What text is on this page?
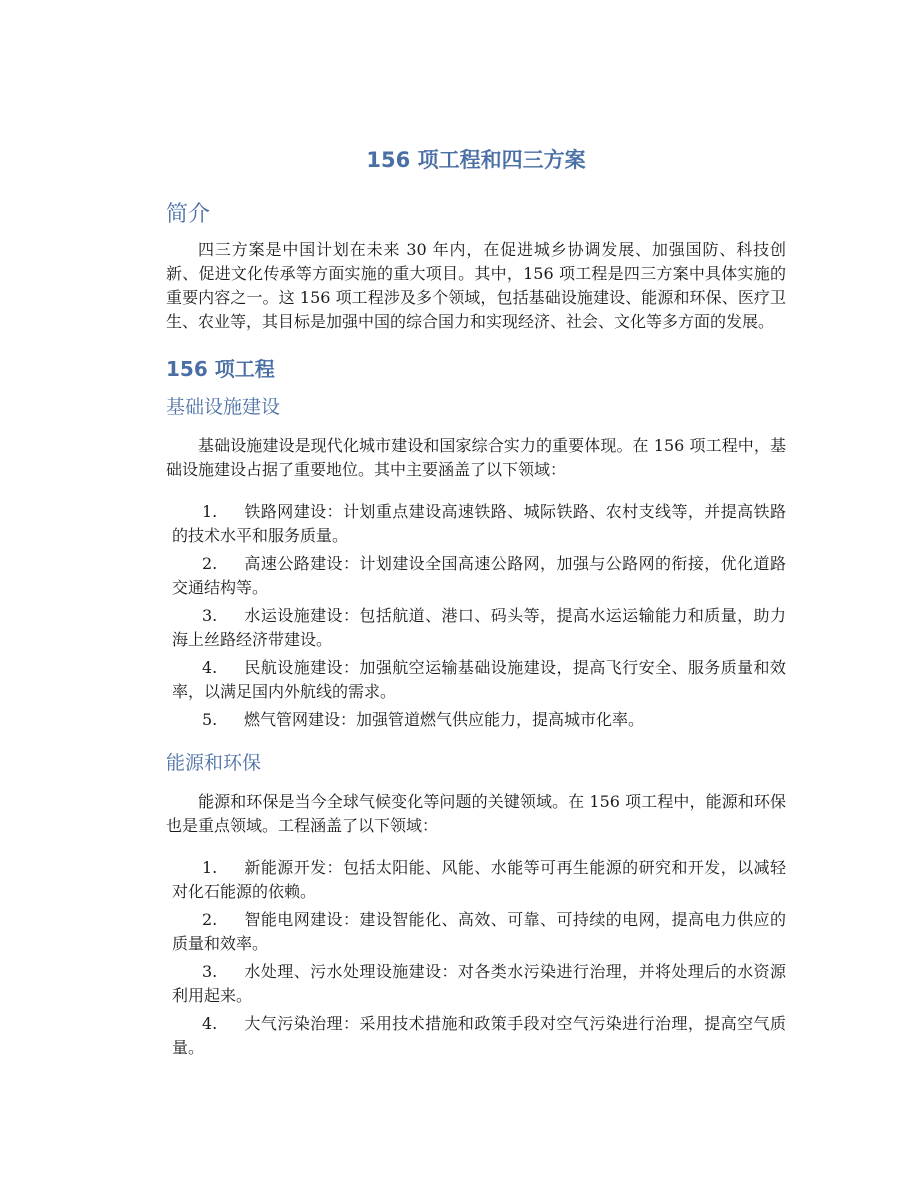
156 项工程和四三方案
简介

四三方案是中国计划在未来 30 年内，在促进城乡协调发展、加强国防、科技创新、促进文化传承等方面实施的重大项目。其中，156 项工程是四三方案中具体实施的重要内容之一。这 156 项工程涉及多个领域，包括基础设施建设、能源和环保、医疗卫生、农业等，其目标是加强中国的综合国力和实现经济、社会、文化等多方面的发展。

156 项工程
基础设施建设

基础设施建设是现代化城市建设和国家综合实力的重要体现。在 156 项工程中，基础设施建设占据了重要地位。其中主要涵盖了以下领域：

1. 铁路网建设：计划重点建设高速铁路、城际铁路、农村支线等，并提高铁路的技术水平和服务质量。
2. 高速公路建设：计划建设全国高速公路网，加强与公路网的衔接，优化道路交通结构等。
3. 水运设施建设：包括航道、港口、码头等，提高水运运输能力和质量，助力海上丝路经济带建设。
4. 民航设施建设：加强航空运输基础设施建设，提高飞行安全、服务质量和效率，以满足国内外航线的需求。
5. 燃气管网建设：加强管道燃气供应能力，提高城市化率。
能源和环保

能源和环保是当今全球气候变化等问题的关键领域。在 156 项工程中，能源和环保也是重点领域。工程涵盖了以下领域：

1. 新能源开发：包括太阳能、风能、水能等可再生能源的研究和开发，以减轻对化石能源的依赖。
2. 智能电网建设：建设智能化、高效、可靠、可持续的电网，提高电力供应的质量和效率。
3. 水处理、污水处理设施建设：对各类水污染进行治理，并将处理后的水资源利用起来。
4. 大气污染治理：采用技术措施和政策手段对空气污染进行治理，提高空气质量。
